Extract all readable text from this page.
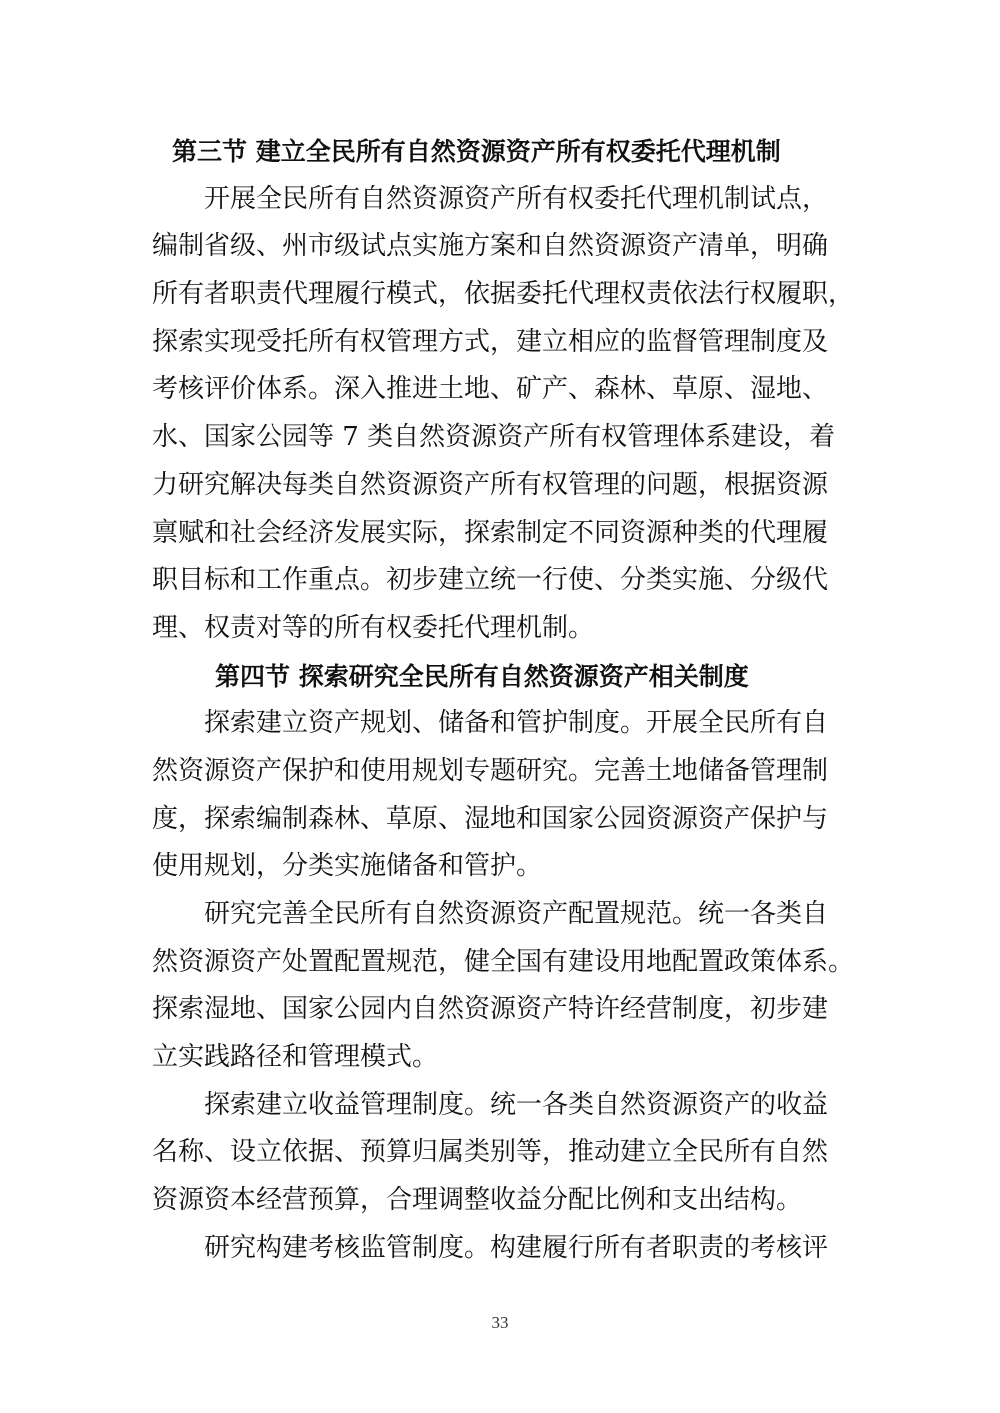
第三节 建立全民所有自然资源资产所有权委托代理机制
开展全民所有自然资源资产所有权委托代理机制试点，
编制省级、州市级试点实施方案和自然资源资产清单，明确
所有者职责代理履行模式，依据委托代理权责依法行权履职，
探索实现受托所有权管理方式，建立相应的监督管理制度及
考核评价体系。深入推进土地、矿产、森林、草原、湿地、
水、国家公园等 7 类自然资源资产所有权管理体系建设，着
力研究解决每类自然资源资产所有权管理的问题，根据资源
禀赋和社会经济发展实际，探索制定不同资源种类的代理履
职目标和工作重点。初步建立统一行使、分类实施、分级代
理、权责对等的所有权委托代理机制。
第四节 探索研究全民所有自然资源资产相关制度
探索建立资产规划、储备和管护制度。开展全民所有自
然资源资产保护和使用规划专题研究。完善土地储备管理制
度，探索编制森林、草原、湿地和国家公园资源资产保护与
使用规划，分类实施储备和管护。
研究完善全民所有自然资源资产配置规范。统一各类自
然资源资产处置配置规范，健全国有建设用地配置政策体系。
探索湿地、国家公园内自然资源资产特许经营制度，初步建
立实践路径和管理模式。
探索建立收益管理制度。统一各类自然资源资产的收益
名称、设立依据、预算归属类别等，推动建立全民所有自然
资源资本经营预算，合理调整收益分配比例和支出结构。
研究构建考核监管制度。构建履行所有者职责的考核评
33
